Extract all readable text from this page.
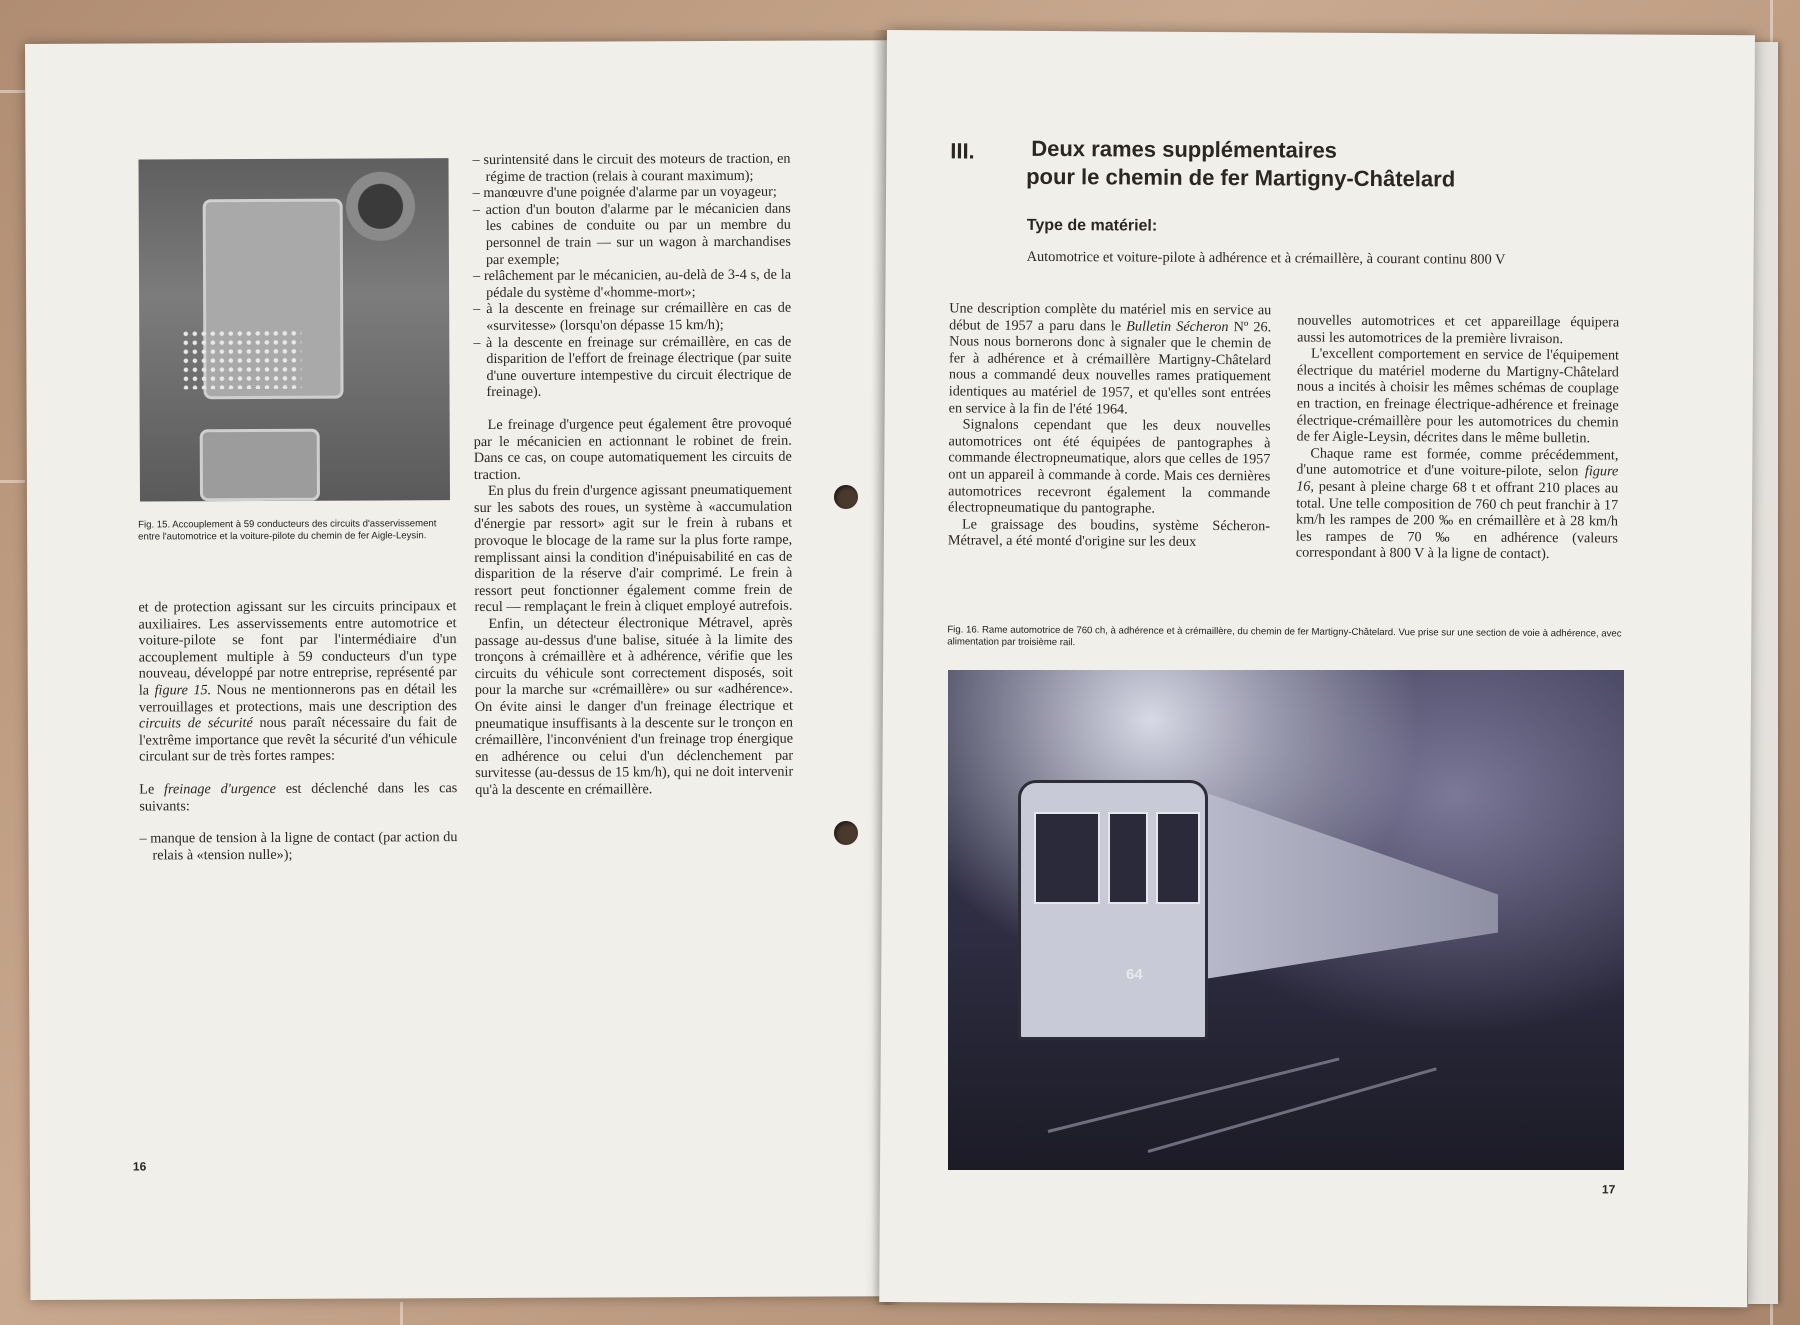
Fig. 15. Accouplement à 59 conducteurs des circuits d'asservissement entre l'automotrice et la voiture-pilote du chemin de fer Aigle-Leysin.

et de protection agissant sur les circuits principaux et auxiliaires. Les asservissements entre automotrice et voiture-pilote se font par l'intermédiaire d'un accouplement multiple à 59 conducteurs d'un type nouveau, développé par notre entreprise, représenté par la figure 15. Nous ne mentionnerons pas en détail les verrouillages et protections, mais une description des circuits de sécurité nous paraît nécessaire du fait de l'extrême importance que revêt la sécurité d'un véhicule circulant sur de très fortes rampes:

Le freinage d'urgence est déclenché dans les cas suivants:

– manque de tension à la ligne de contact (par action du relais à «tension nulle»);

– surintensité dans le circuit des moteurs de traction, en régime de traction (relais à courant maximum);

– manœuvre d'une poignée d'alarme par un voyageur;

– action d'un bouton d'alarme par le mécanicien dans les cabines de conduite ou par un membre du personnel de train — sur un wagon à marchandises par exemple;

– relâchement par le mécanicien, au-delà de 3-4 s, de la pédale du système d'«homme-mort»;

– à la descente en freinage sur crémaillère en cas de «survitesse» (lorsqu'on dépasse 15 km/h);

– à la descente en freinage sur crémaillère, en cas de disparition de l'effort de freinage électrique (par suite d'une ouverture intempestive du circuit électrique de freinage).

Le freinage d'urgence peut également être provoqué par le mécanicien en actionnant le robinet de frein. Dans ce cas, on coupe automatiquement les circuits de traction.

En plus du frein d'urgence agissant pneumatiquement sur les sabots des roues, un système à «accumulation d'énergie par ressort» agit sur le frein à rubans et provoque le blocage de la rame sur la plus forte rampe, remplissant ainsi la condition d'inépuisabilité en cas de disparition de la réserve d'air comprimé. Le frein à ressort peut fonctionner également comme frein de recul — remplaçant le frein à cliquet employé autrefois.

Enfin, un détecteur électronique Métravel, après passage au-dessus d'une balise, située à la limite des tronçons à crémaillère et à adhérence, vérifie que les circuits du véhicule sont correctement disposés, soit pour la marche sur «crémaillère» ou sur «adhérence». On évite ainsi le danger d'un freinage électrique et pneumatique insuffisants à la descente sur le tronçon en crémaillère, l'inconvénient d'un freinage trop énergique en adhérence ou celui d'un déclenchement par survitesse (au-dessus de 15 km/h), qui ne doit intervenir qu'à la descente en crémaillère.

16
III.	Deux rames supplémentaires
pour le chemin de fer Martigny-Châtelard
Type de matériel:
Automotrice et voiture-pilote à adhérence et à crémaillère, à courant continu 800 V

Une description complète du matériel mis en service au début de 1957 a paru dans le Bulletin Sécheron Nº 26. Nous nous bornerons donc à signaler que le chemin de fer à adhérence et à crémaillère Martigny-Châtelard nous a commandé deux nouvelles rames pratiquement identiques au matériel de 1957, et qu'elles sont entrées en service à la fin de l'été 1964.

Signalons cependant que les deux nouvelles automotrices ont été équipées de pantographes à commande électropneumatique, alors que celles de 1957 ont un appareil à commande à corde. Mais ces dernières automotrices recevront également la commande électropneumatique du pantographe.

Le graissage des boudins, système Sécheron-Métravel, a été monté d'origine sur les deux

nouvelles automotrices et cet appareillage équipera aussi les automotrices de la première livraison.

L'excellent comportement en service de l'équipement électrique du matériel moderne du Martigny-Châtelard nous a incités à choisir les mêmes schémas de couplage en traction, en freinage électrique-adhérence et freinage électrique-crémaillère pour les automotrices du chemin de fer Aigle-Leysin, décrites dans le même bulletin.

Chaque rame est formée, comme précédemment, d'une automotrice et d'une voiture-pilote, selon figure 16, pesant à pleine charge 68 t et offrant 210 places au total. Une telle composition de 760 ch peut franchir à 17 km/h les rampes de 200 ‰ en crémaillère et à 28 km/h les rampes de 70 ‰ en adhérence (valeurs correspondant à 800 V à la ligne de contact).

Fig. 16. Rame automotrice de 760 ch, à adhérence et à crémaillère, du chemin de fer Martigny-Châtelard. Vue prise sur une section de voie à adhérence, avec alimentation par troisième rail.
17
64
